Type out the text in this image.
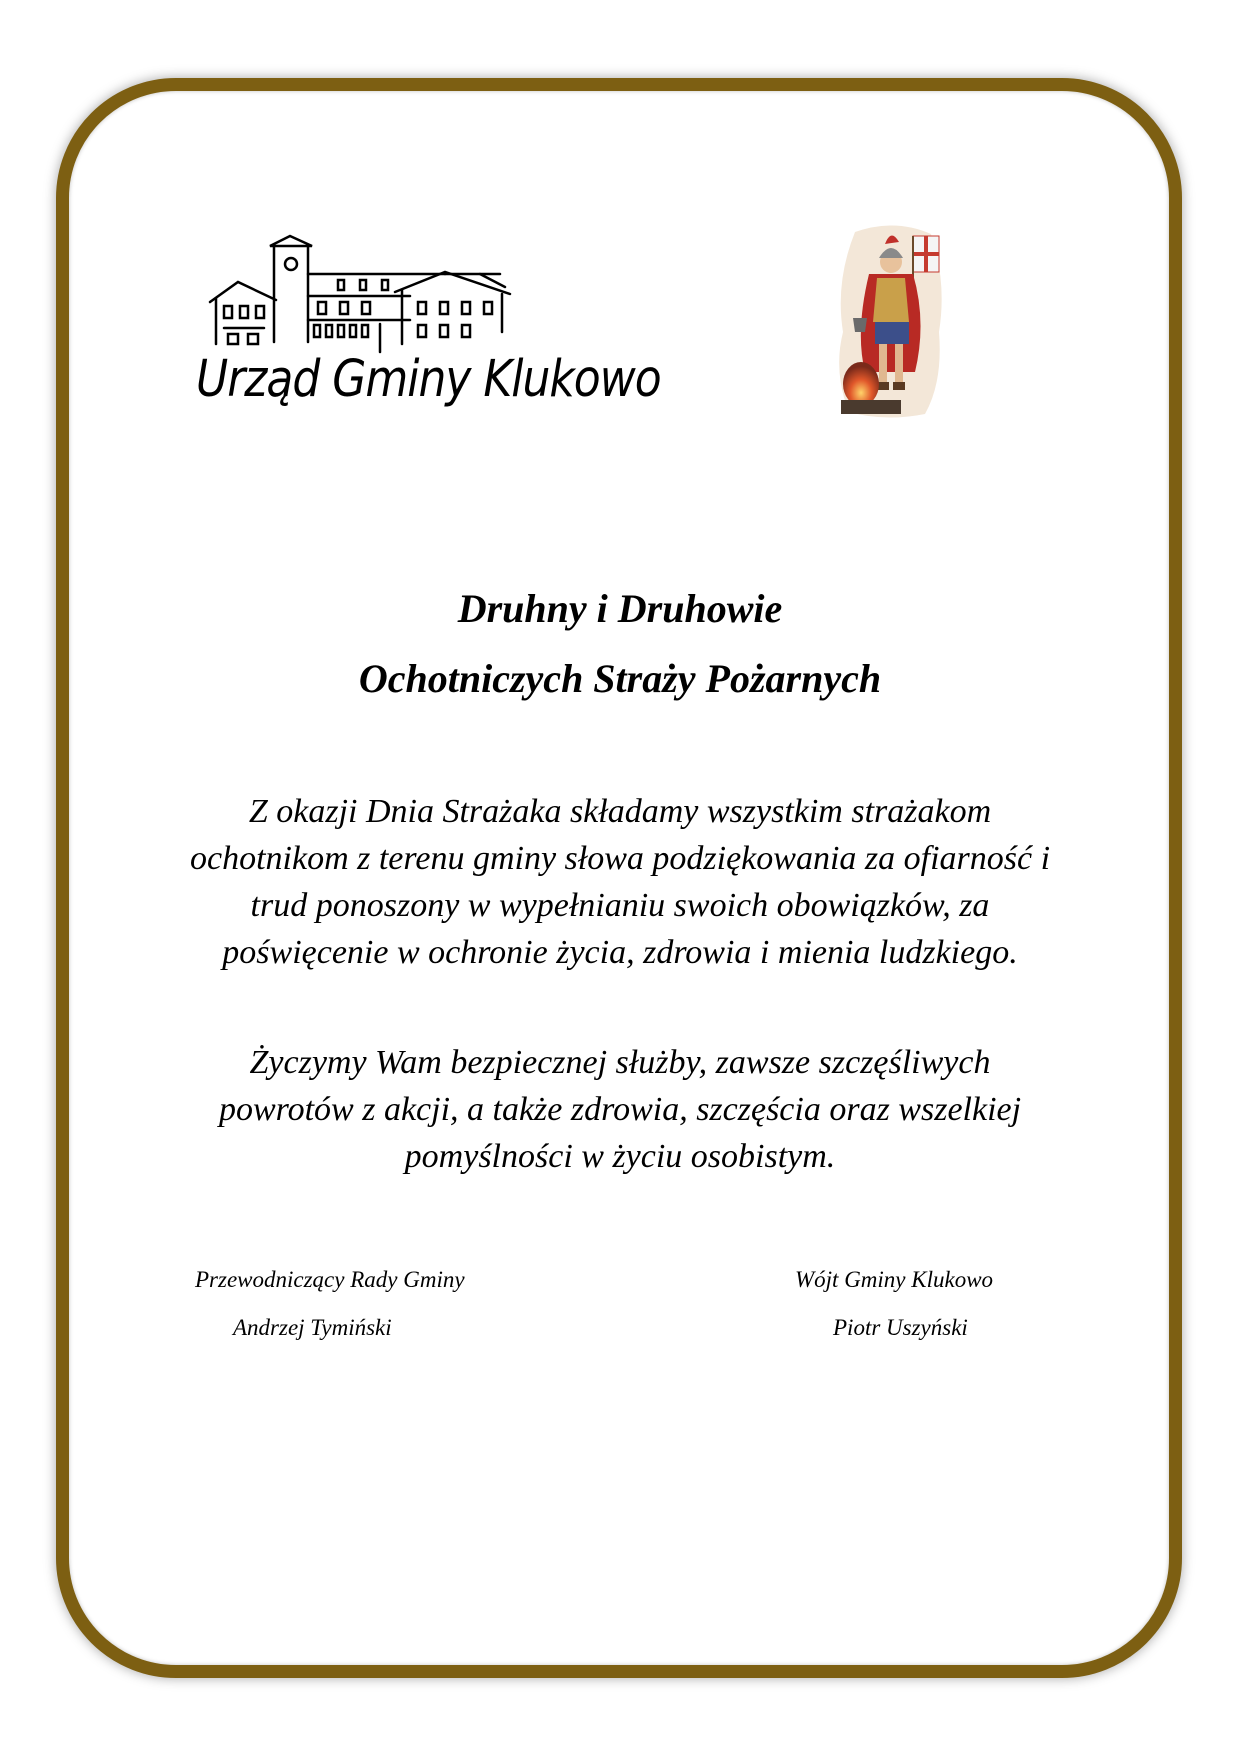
Urząd Gminy Klukowo
Druhny i Druhowie
Ochotniczych Straży Pożarnych
Z okazji Dnia Strażaka składamy wszystkim strażakom ochotnikom z terenu gminy słowa podziękowania za ofiarność i trud ponoszony w wypełnianiu swoich obowiązków, za poświęcenie w ochronie życia, zdrowia i mienia ludzkiego.
Życzymy Wam bezpiecznej służby, zawsze szczęśliwych powrotów z akcji, a także zdrowia, szczęścia oraz wszelkiej pomyślności w życiu osobistym.
Przewodniczący Rady Gminy
Andrzej Tymiński
Wójt Gminy Klukowo
Piotr Uszyński
